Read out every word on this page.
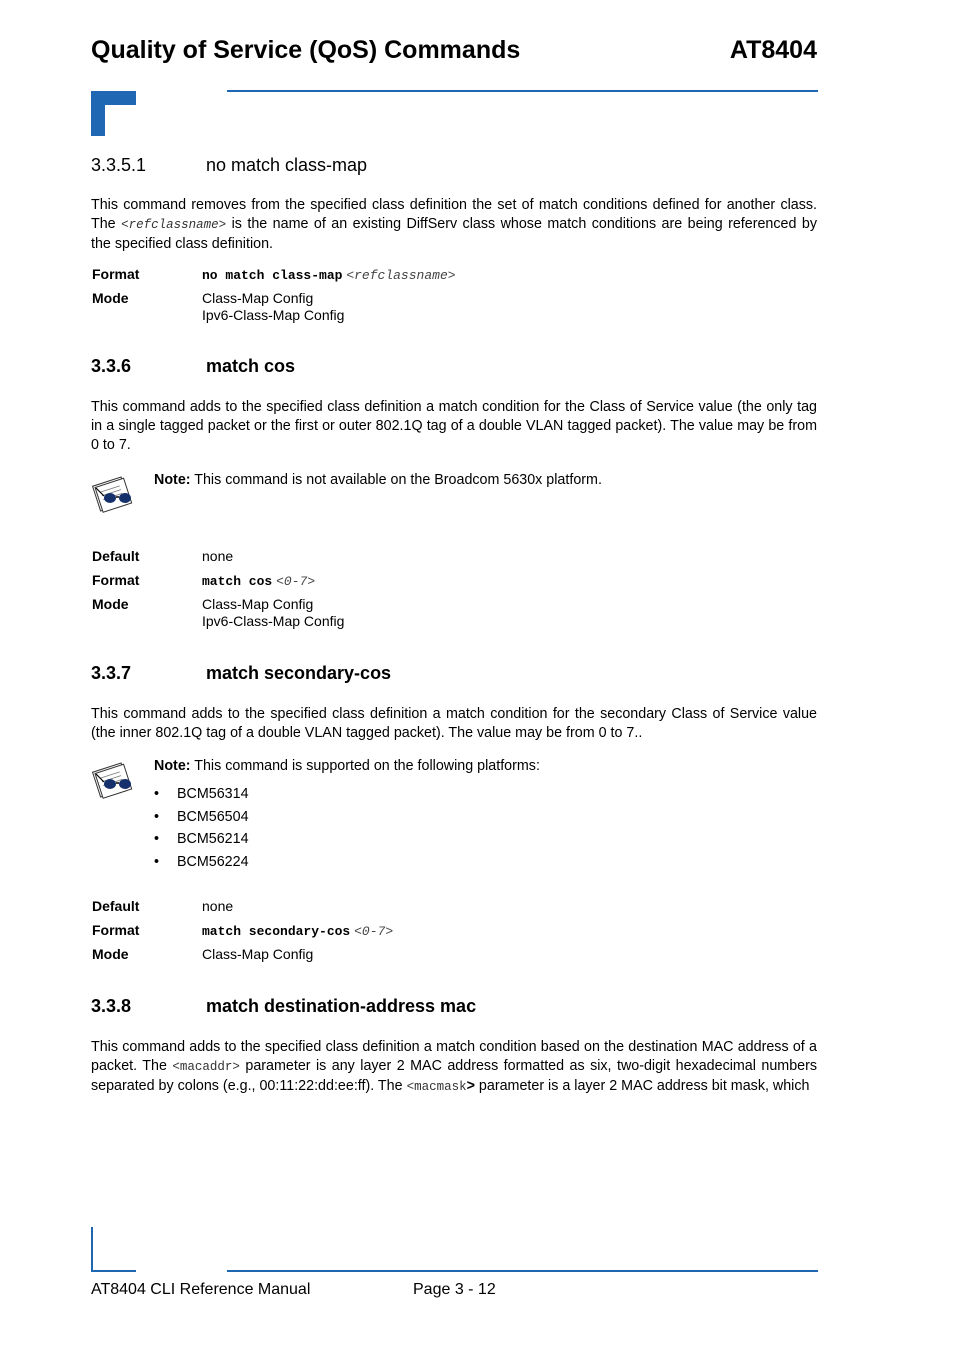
Quality of Service (QoS) Commands	AT8404
3.3.5.1	no match class-map

This command removes from the specified class definition the set of match conditions defined for another class. The <refclassname> is the name of an existing DiffServ class whose match conditions are being referenced by the specified class definition.

Format	no match class-map <refclassname>
Mode	Class-Map Config
Ipv6-Class-Map Config
3.3.6	match cos

This command adds to the specified class definition a match condition for the Class of Service value (the only tag in a single tagged packet or the first or outer 802.1Q tag of a double VLAN tagged packet). The value may be from 0 to 7.

Note: This command is not available on the Broadcom 5630x platform.
Default	none
Format	match cos <0-7>
Mode	Class-Map Config
Ipv6-Class-Map Config
3.3.7	match secondary-cos

This command adds to the specified class definition a match condition for the secondary Class of Service value (the inner 802.1Q tag of a double VLAN tagged packet). The value may be from 0 to 7..

Note: This command is supported on the following platforms:
• BCM56314
• BCM56504
• BCM56214
• BCM56224
Default	none
Format	match secondary-cos <0-7>
Mode	Class-Map Config
3.3.8	match destination-address mac

This command adds to the specified class definition a match condition based on the destination MAC address of a packet. The <macaddr> parameter is any layer 2 MAC address formatted as six, two-digit hexadecimal numbers separated by colons (e.g., 00:11:22:dd:ee:ff). The <macmask> parameter is a layer 2 MAC address bit mask, which

AT8404 CLI Reference Manual	Page 3 - 12
